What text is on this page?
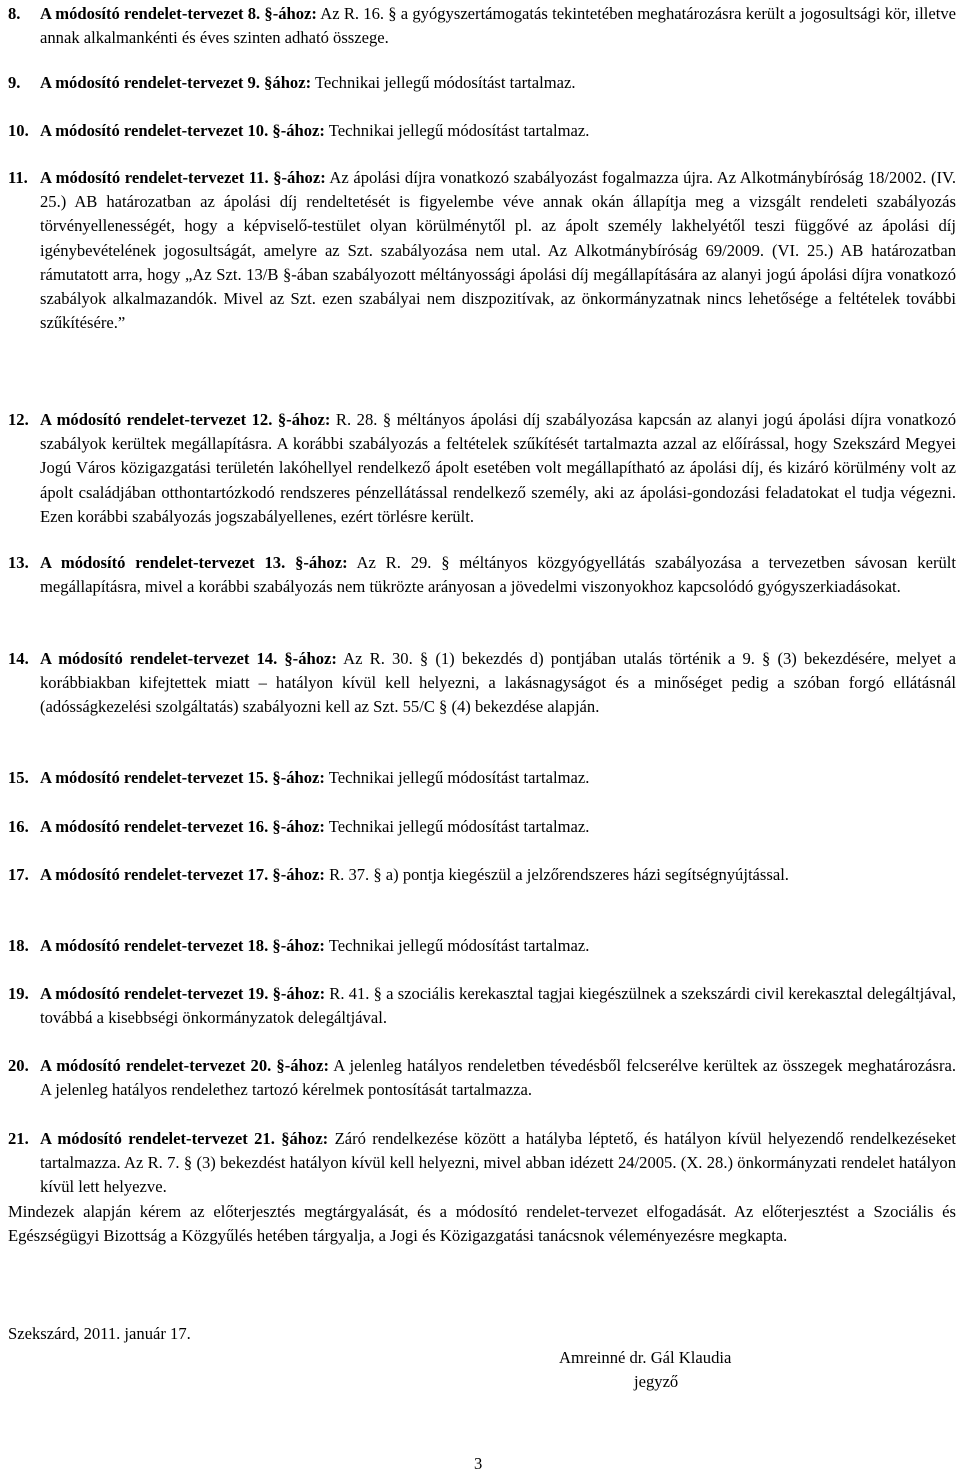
8. A módosító rendelet-tervezet 8. §-ához: Az R. 16. § a gyógyszertámogatás tekintetében meghatározásra került a jogosultsági kör, illetve annak alkalmankénti és éves szinten adható összege.
9. A módosító rendelet-tervezet 9. §ához: Technikai jellegű módosítást tartalmaz.
10. A módosító rendelet-tervezet 10. §-ához: Technikai jellegű módosítást tartalmaz.
11. A módosító rendelet-tervezet 11. §-ához: Az ápolási díjra vonatkozó szabályozást fogalmazza újra. Az Alkotmánybíróság 18/2002. (IV. 25.) AB határozatban az ápolási díj rendeltetését is figyelembe véve annak okán állapítja meg a vizsgált rendeleti szabályozás törvényellenességét, hogy a képviselő-testület olyan körülménytől pl. az ápolt személy lakhelyétől teszi függővé az ápolási díj igénybevételének jogosultságát, amelyre az Szt. szabályozása nem utal. Az Alkotmánybíróság 69/2009. (VI. 25.) AB határozatban rámutatott arra, hogy „Az Szt. 13/B §-ában szabályozott méltányossági ápolási díj megállapítására az alanyi jogú ápolási díjra vonatkozó szabályok alkalmazandók. Mivel az Szt. ezen szabályai nem diszpozitívak, az önkormányzatnak nincs lehetősége a feltételek további szűkítésére.”
12. A módosító rendelet-tervezet 12. §-ához: R. 28. § méltányos ápolási díj szabályozása kapcsán az alanyi jogú ápolási díjra vonatkozó szabályok kerültek megállapításra. A korábbi szabályozás a feltételek szűkítését tartalmazta azzal az előírással, hogy Szekszárd Megyei Jogú Város közigazgatási területén lakóhellyel rendelkező ápolt esetében volt megállapítható az ápolási díj, és kizáró körülmény volt az ápolt családjában otthontartózkodó rendszeres pénzellátással rendelkező személy, aki az ápolási-gondozási feladatokat el tudja végezni. Ezen korábbi szabályozás jogszabályellenes, ezért törlésre került.
13. A módosító rendelet-tervezet 13. §-ához: Az R. 29. § méltányos közgyógyellátás szabályozása a tervezetben sávosan került megállapításra, mivel a korábbi szabályozás nem tükrözte arányosan a jövedelmi viszonyokhoz kapcsolódó gyógyszerkiadásokat.
14. A módosító rendelet-tervezet 14. §-ához: Az R. 30. § (1) bekezdés d) pontjában utalás történik a 9. § (3) bekezdésére, melyet a korábbiakban kifejtettek miatt – hatályon kívül kell helyezni, a lakásnagyságot és a minőséget pedig a szóban forgó ellátásnál (adósságkezelési szolgáltatás) szabályozni kell az Szt. 55/C § (4) bekezdése alapján.
15. A módosító rendelet-tervezet 15. §-ához: Technikai jellegű módosítást tartalmaz.
16. A módosító rendelet-tervezet 16. §-ához: Technikai jellegű módosítást tartalmaz.
17. A módosító rendelet-tervezet 17. §-ához: R. 37. § a) pontja kiegészül a jelzőrendszeres házi segítségnyújtással.
18. A módosító rendelet-tervezet 18. §-ához: Technikai jellegű módosítást tartalmaz.
19. A módosító rendelet-tervezet 19. §-ához: R. 41. § a szociális kerekasztal tagjai kiegészülnek a szekszárdi civil kerekasztal delegáltjával, továbbá a kisebbségi önkormányzatok delegáltjával.
20. A módosító rendelet-tervezet 20. §-ához: A jelenleg hatályos rendeletben tévedésből felcserélve kerültek az összegek meghatározásra. A jelenleg hatályos rendelethez tartozó kérelmek pontosítását tartalmazza.
21. A módosító rendelet-tervezet 21. §ához: Záró rendelkezése között a hatályba léptető, és hatályon kívül helyezendő rendelkezéseket tartalmazza. Az R. 7. § (3) bekezdést hatályon kívül kell helyezni, mivel abban idézett 24/2005. (X. 28.) önkormányzati rendelet hatályon kívül lett helyezve.
Mindezek alapján kérem az előterjesztés megtárgyalását, és a módosító rendelet-tervezet elfogadását. Az előterjesztést a Szociális és Egészségügyi Bizottság a Közgyűlés hetében tárgyalja, a Jogi és Közigazgatási tanácsnok véleményezésre megkapta.
Szekszárd, 2011. január 17.
Amreinné dr. Gál Klaudia
jegyző
3
